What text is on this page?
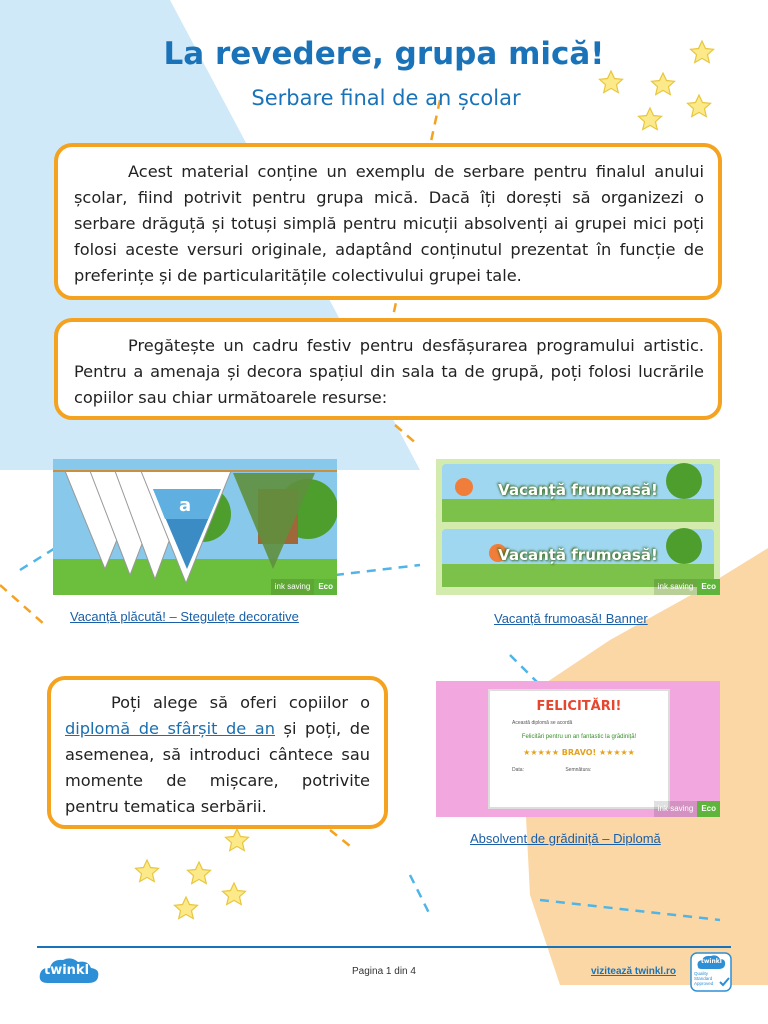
La revedere, grupa mică!
Serbare final de an școlar

Acest material conține un exemplu de serbare pentru finalul anului școlar, fiind potrivit pentru grupa mică. Dacă îți dorești să organizezi o serbare drăguță și totuși simplă pentru micuții absolvenți ai grupei mici poți folosi aceste versuri originale, adaptând conținutul prezentat în funcție de preferințe și de particularitățile colectivului grupei tale.

Pregătește un cadru festiv pentru desfășurarea programului artistic. Pentru a amenaja și decora spațiul din sala ta de grupă, poți folosi lucrările copiilor sau chiar următoarele resurse:

a
ink saving	Eco
Vacanță plăcută! – Stegulețe decorative
Vacanță frumoasă!
Vacanță frumoasă!
ink saving	Eco
Vacanță frumoasă! Banner

Poți alege să oferi copiilor o diplomă de sfârșit de an și poți, de asemenea, să introduci cântece sau momente de mișcare, potrivite pentru tematica serbării.

FELICITĂRI!
Această diplomă se acordă
Felicitări pentru un an fantastic la grădiniță!
★★★★★ BRAVO! ★★★★★
Data:	Semnătura:
ink saving	Eco
Absolvent de grădiniță – Diplomă
twinkl	Pagina 1 din 4	vizitează twinkl.ro
twinkl
Quality Standard Approved
